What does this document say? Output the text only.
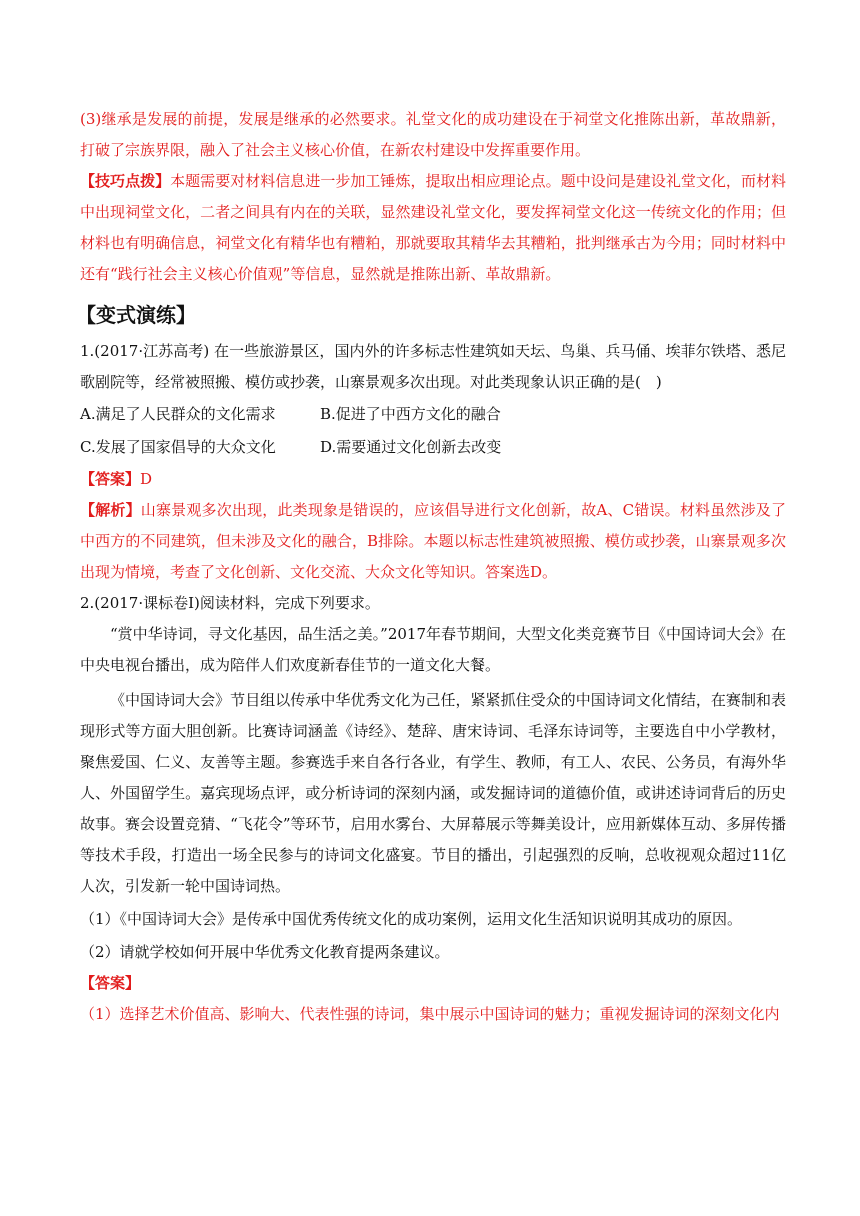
(3)继承是发展的前提，发展是继承的必然要求。礼堂文化的成功建设在于祠堂文化推陈出新，革故鼎新，打破了宗族界限，融入了社会主义核心价值，在新农村建设中发挥重要作用。

【技巧点拨】本题需要对材料信息进一步加工锤炼，提取出相应理论点。题中设问是建设礼堂文化，而材料中出现祠堂文化，二者之间具有内在的关联，显然建设礼堂文化，要发挥祠堂文化这一传统文化的作用；但材料也有明确信息，祠堂文化有精华也有糟粕，那就要取其精华去其糟粕，批判继承古为今用；同时材料中还有“践行社会主义核心价值观”等信息，显然就是推陈出新、革故鼎新。

【变式演练】

1.(2017·江苏高考) 在一些旅游景区，国内外的许多标志性建筑如天坛、鸟巢、兵马俑、埃菲尔铁塔、悉尼歌剧院等，经常被照搬、模仿或抄袭，山寨景观多次出现。对此类现象认识正确的是(　)

A.满足了人民群众的文化需求	B.促进了中西方文化的融合
C.发展了国家倡导的大众文化	D.需要通过文化创新去改变

【答案】D

【解析】山寨景观多次出现，此类现象是错误的，应该倡导进行文化创新，故A、C错误。材料虽然涉及了中西方的不同建筑，但未涉及文化的融合，B排除。本题以标志性建筑被照搬、模仿或抄袭，山寨景观多次出现为情境，考查了文化创新、文化交流、大众文化等知识。答案选D。

2.(2017·课标卷Ⅰ)阅读材料，完成下列要求。

“赏中华诗词，寻文化基因，品生活之美。”2017年春节期间，大型文化类竞赛节目《中国诗词大会》在中央电视台播出，成为陪伴人们欢度新春佳节的一道文化大餐。

《中国诗词大会》节目组以传承中华优秀文化为己任，紧紧抓住受众的中国诗词文化情结，在赛制和表现形式等方面大胆创新。比赛诗词涵盖《诗经》、楚辞、唐宋诗词、毛泽东诗词等，主要选自中小学教材，聚焦爱国、仁义、友善等主题。参赛选手来自各行各业，有学生、教师，有工人、农民、公务员，有海外华人、外国留学生。嘉宾现场点评，或分析诗词的深刻内涵，或发掘诗词的道德价值，或讲述诗词背后的历史故事。赛会设置竞猜、“飞花令”等环节，启用水雾台、大屏幕展示等舞美设计，应用新媒体互动、多屏传播等技术手段，打造出一场全民参与的诗词文化盛宴。节目的播出，引起强烈的反响，总收视观众超过11亿人次，引发新一轮中国诗词热。

（1）《中国诗词大会》是传承中国优秀传统文化的成功案例，运用文化生活知识说明其成功的原因。

（2）请就学校如何开展中华优秀文化教育提两条建议。

【答案】

（1）选择艺术价值高、影响大、代表性强的诗词，集中展示中国诗词的魅力；重视发掘诗词的深刻文化内
